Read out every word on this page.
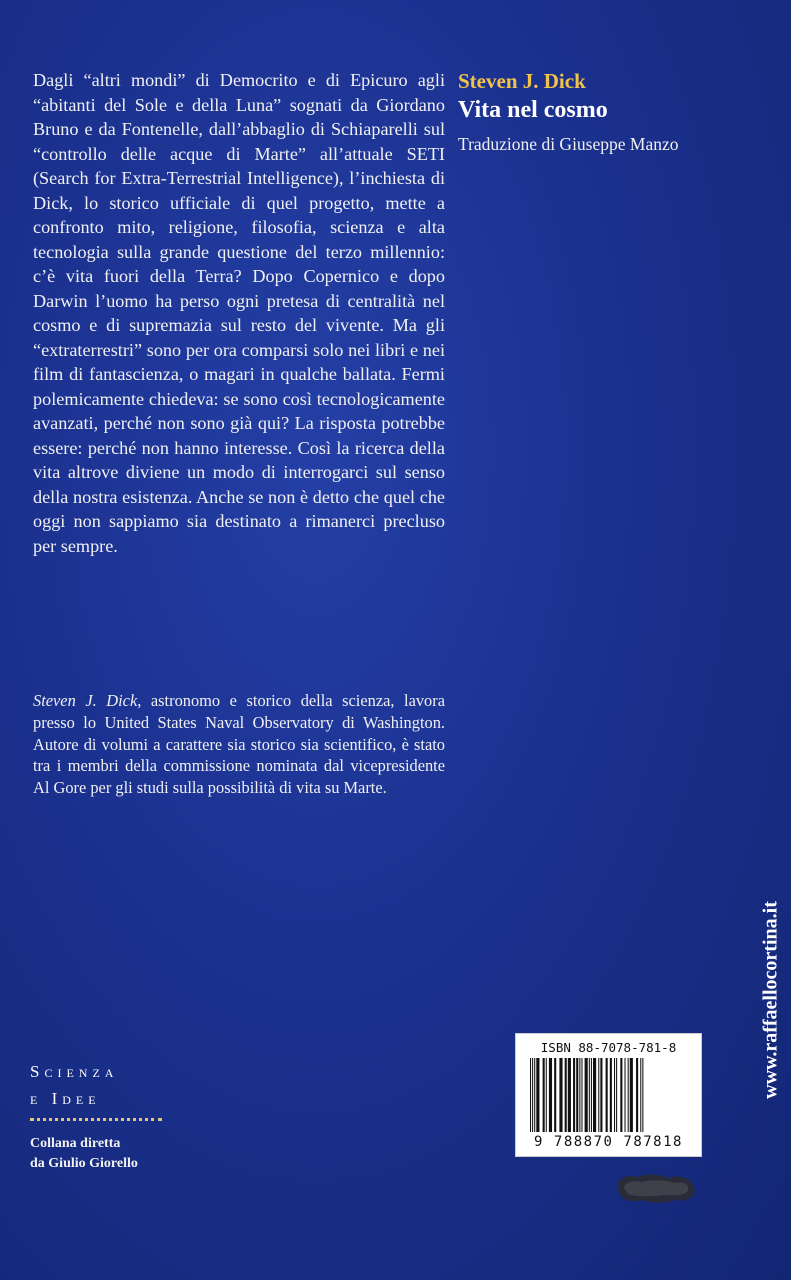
Dagli “altri mondi” di Democrito e di Epicuro agli “abitanti del Sole e della Luna” sognati da Giordano Bruno e da Fontenelle, dall’abbaglio di Schiaparelli sul “controllo delle acque di Marte” all’attuale SETI (Search for Extra-Terrestrial Intelligence), l’inchiesta di Dick, lo storico ufficiale di quel progetto, mette a confronto mito, religione, filosofia, scienza e alta tecnologia sulla grande questione del terzo millennio: c’è vita fuori della Terra? Dopo Copernico e dopo Darwin l’uomo ha perso ogni pretesa di centralità nel cosmo e di supremazia sul resto del vivente. Ma gli “extraterrestri” sono per ora comparsi solo nei libri e nei film di fantascienza, o magari in qualche ballata. Fermi polemicamente chiedeva: se sono così tecnologicamente avanzati, perché non sono già qui? La risposta potrebbe essere: perché non hanno interesse. Così la ricerca della vita altrove diviene un modo di interrogarci sul senso della nostra esistenza. Anche se non è detto che quel che oggi non sappiamo sia destinato a rimanerci precluso per sempre.

Steven J. Dick, astronomo e storico della scienza, lavora presso lo United States Naval Observatory di Washington. Autore di volumi a carattere sia storico sia scientifico, è stato tra i membri della commissione nominata dal vicepresidente Al Gore per gli studi sulla possibilità di vita su Marte.
Steven J. Dick
Vita nel cosmo
Traduzione di Giuseppe Manzo
Scienza
e Idee
Collana diretta
da Giulio Giorello
www.raffaellocortina.it
ISBN 88-7078-781-8
9 788870 787818
